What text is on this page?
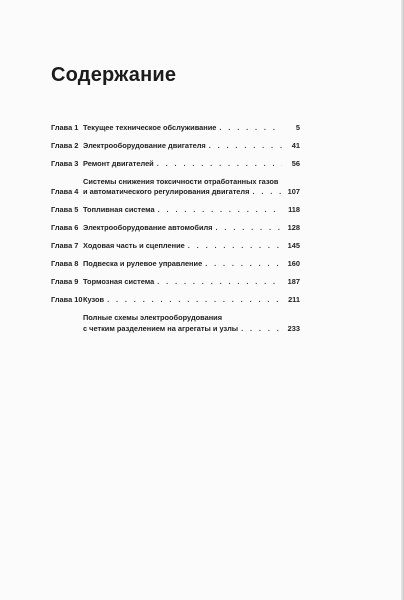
Содержание
Глава 1 Текущее техническое обслуживание . . .	5
Глава 2 Электрооборудование двигателя . . .	41
Глава 3 Ремонт двигателей . . .	56
Глава 4
Системы снижения токсичности отработанных газов
и автоматического регулирования двигателя . . .	107
Глава 5 Топливная система . . .	118
Глава 6 Электрооборудование автомобиля . . .	128
Глава 7 Ходовая часть и сцепление . . .	145
Глава 8 Подвеска и рулевое управление . . .	160
Глава 9 Тормозная система . . .	187
Глава 10 Кузов . . .	211
Полные схемы электрооборудования
с четким разделением на агрегаты и узлы . . .	233
